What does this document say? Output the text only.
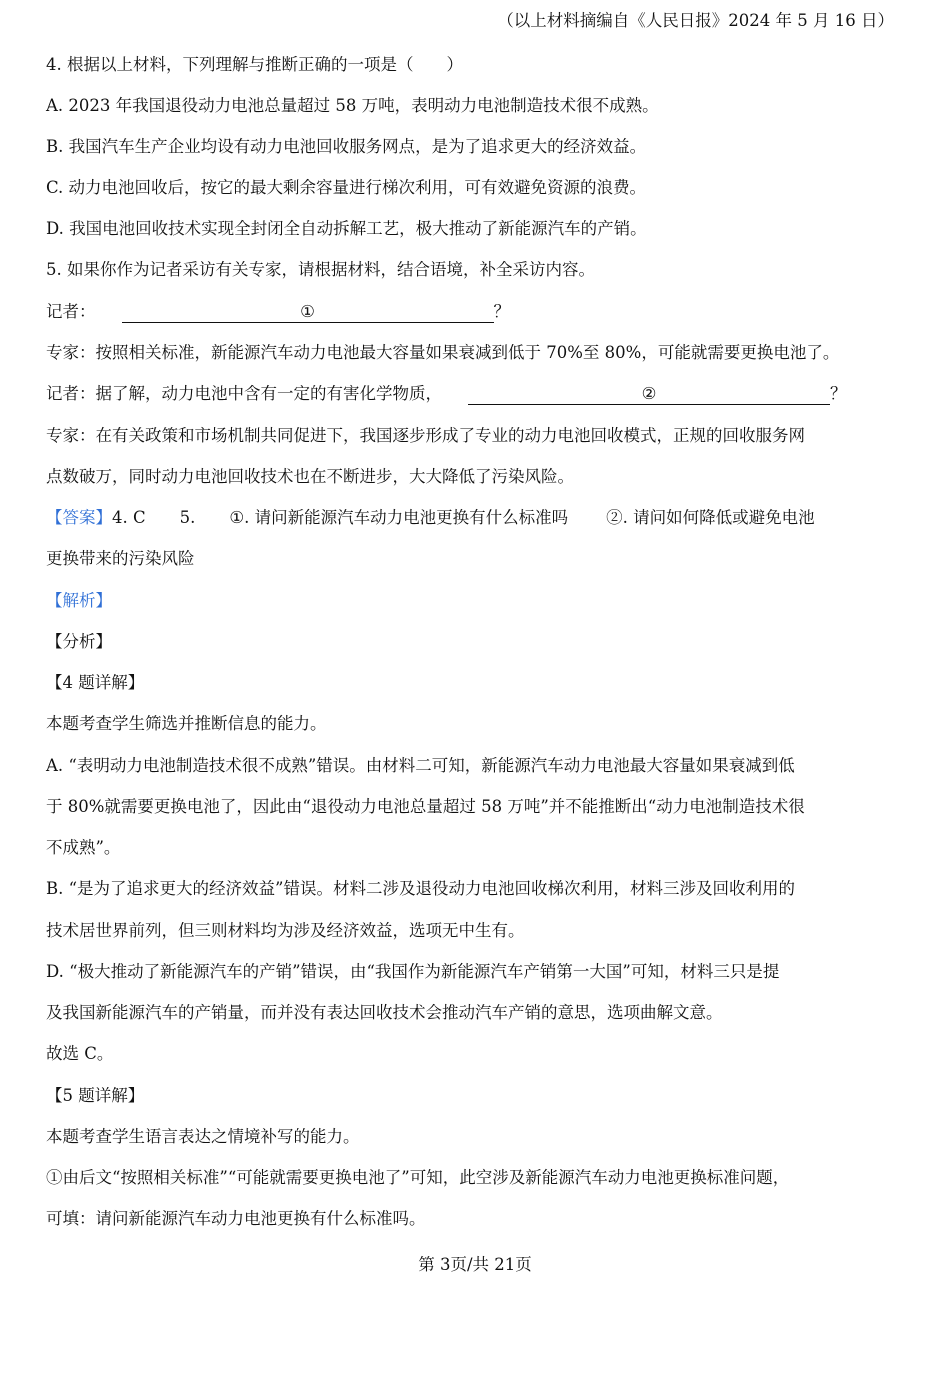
（以上材料摘编自《人民日报》2024 年 5 月 16 日）
4. 根据以上材料，下列理解与推断正确的一项是（　　）
A. 2023 年我国退役动力电池总量超过 58 万吨，表明动力电池制造技术很不成熟。
B. 我国汽车生产企业均设有动力电池回收服务网点，是为了追求更大的经济效益。
C. 动力电池回收后，按它的最大剩余容量进行梯次利用，可有效避免资源的浪费。
D. 我国电池回收技术实现全封闭全自动拆解工艺，极大推动了新能源汽车的产销。
5. 如果你作为记者采访有关专家，请根据材料，结合语境，补全采访内容。
记者：	①	？
专家：按照相关标准，新能源汽车动力电池最大容量如果衰减到低于 70%至 80%，可能就需要更换电池了。
记者：据了解，动力电池中含有一定的有害化学物质，	②	？
专家：在有关政策和市场机制共同促进下，我国逐步形成了专业的动力电池回收模式，正规的回收服务网
点数破万，同时动力电池回收技术也在不断进步，大大降低了污染风险。
【答案】4. C 5. ①. 请问新能源汽车动力电池更换有什么标准吗 ②. 请问如何降低或避免电池
更换带来的污染风险
【解析】
【分析】
【4 题详解】
本题考查学生筛选并推断信息的能力。
A. “表明动力电池制造技术很不成熟”错误。由材料二可知，新能源汽车动力电池最大容量如果衰减到低
于 80%就需要更换电池了，因此由“退役动力电池总量超过 58 万吨”并不能推断出“动力电池制造技术很
不成熟”。
B. “是为了追求更大的经济效益”错误。材料二涉及退役动力电池回收梯次利用，材料三涉及回收利用的
技术居世界前列，但三则材料均为涉及经济效益，选项无中生有。
D. “极大推动了新能源汽车的产销”错误，由“我国作为新能源汽车产销第一大国”可知，材料三只是提
及我国新能源汽车的产销量，而并没有表达回收技术会推动汽车产销的意思，选项曲解文意。
故选 C。
【5 题详解】
本题考查学生语言表达之情境补写的能力。
①由后文“按照相关标准”“可能就需要更换电池了”可知，此空涉及新能源汽车动力电池更换标准问题，
可填：请问新能源汽车动力电池更换有什么标准吗。
第 3页/共 21页
